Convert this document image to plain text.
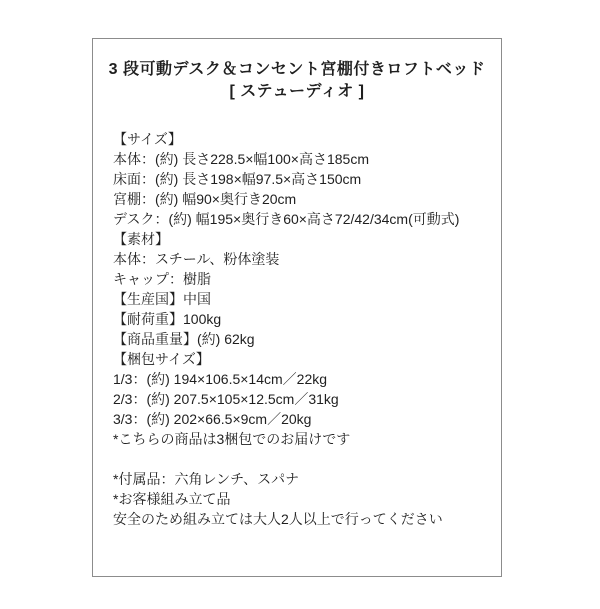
3 段可動デスク＆コンセント宮棚付きロフトベッド
[ ステューディオ ]
【サイズ】
本体：(約) 長さ228.5×幅100×高さ185cm
床面：(約) 長さ198×幅97.5×高さ150cm
宮棚：(約) 幅90×奥行き20cm
デスク：(約) 幅195×奥行き60×高さ72/42/34cm(可動式)
【素材】
本体：スチール、粉体塗装
キャップ：樹脂
【生産国】中国
【耐荷重】100kg
【商品重量】(約) 62kg
【梱包サイズ】
1/3：(約) 194×106.5×14cm／22kg
2/3：(約) 207.5×105×12.5cm／31kg
3/3：(約) 202×66.5×9cm／20kg
*こちらの商品は3梱包でのお届けです
*付属品：六角レンチ、スパナ
*お客様組み立て品
安全のため組み立ては大人2人以上で行ってください
